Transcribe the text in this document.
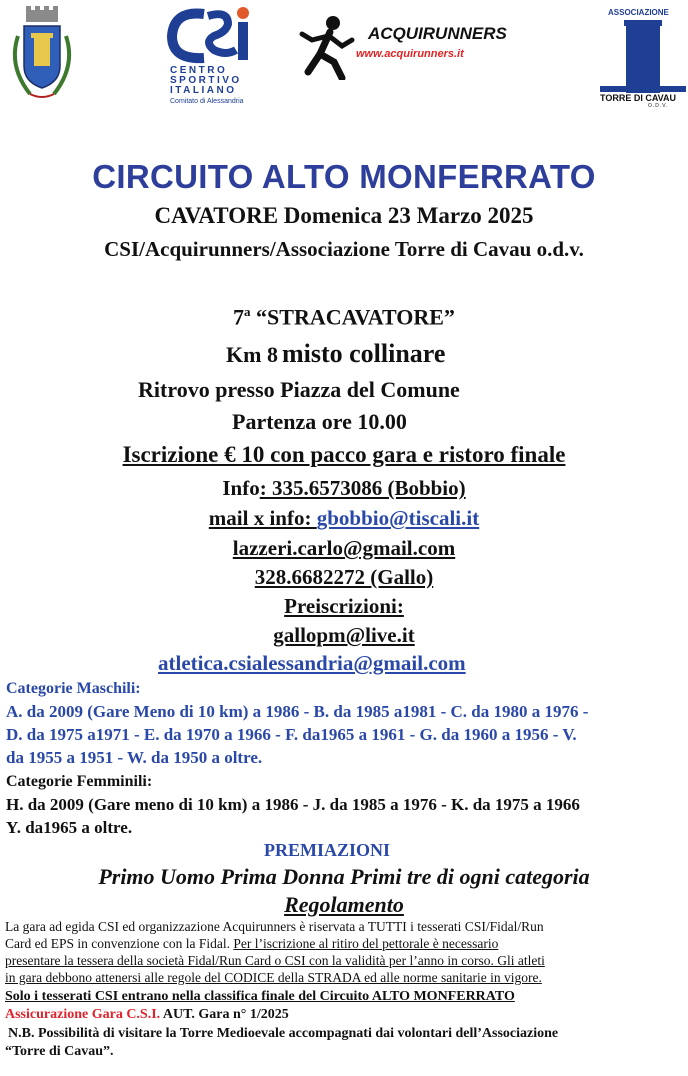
CENTRO
SPORTIVO
ITALIANO
Comitato di Alessandria
ACQUIRUNNERS
www.acquirunners.it
ASSOCIAZIONE
TORRE DI CAVAU
O.D.V.
CIRCUITO ALTO MONFERRATO
CAVATORE Domenica 23 Marzo 2025
CSI/Acquirunners/Associazione Torre di Cavau o.d.v.
7$^a$ “STRACAVATORE”
Km 8 misto collinare
Ritrovo presso Piazza del Comune
Partenza ore 10.00
Iscrizione € 10 con pacco gara e ristoro finale
Info: 335.6573086 (Bobbio)
mail x info: gbobbio@tiscali.it
lazzeri.carlo@gmail.com
328.6682272 (Gallo)
Preiscrizioni:
gallopm@live.it
atletica.csialessandria@gmail.com
Categorie Maschili:
A. da 2009 (Gare Meno di 10 km) a 1986 - B. da 1985 a1981 - C. da 1980 a 1976 -
D. da 1975 a1971 - E. da 1970 a 1966 - F. da1965 a 1961 - G. da 1960 a 1956 - V.
da 1955 a 1951 - W. da 1950 a oltre.
Categorie Femminili:
H. da 2009 (Gare meno di 10 km) a 1986 - J. da 1985 a 1976 - K. da 1975 a 1966
Y. da1965 a oltre.
PREMIAZIONI
Primo Uomo Prima Donna Primi tre di ogni categoria
Regolamento
La gara ad egida CSI ed organizzazione Acquirunners è riservata a TUTTI i tesserati CSI/Fidal/Run
Card ed EPS in convenzione con la Fidal. Per l’iscrizione al ritiro del pettorale è necessario
presentare la tessera della società Fidal/Run Card o CSI con la validità per l’anno in corso. Gli atleti
in gara debbono attenersi alle regole del CODICE della STRADA ed alle norme sanitarie in vigore.
Solo i tesserati CSI entrano nella classifica finale del Circuito ALTO MONFERRATO
Assicurazione Gara C.S.I. AUT. Gara n° 1/2025
N.B. Possibilità di visitare la Torre Medioevale accompagnati dai volontari dell’Associazione
“Torre di Cavau”.
